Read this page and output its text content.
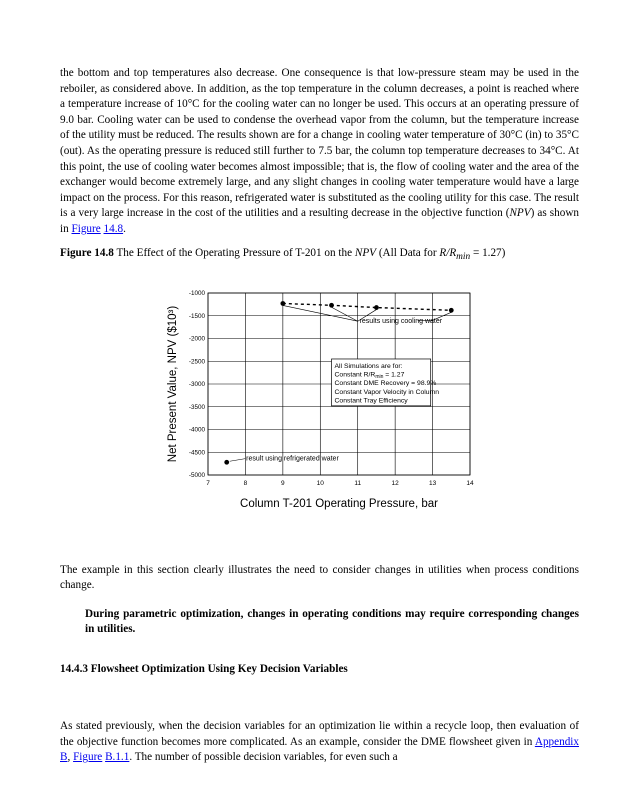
the bottom and top temperatures also decrease. One consequence is that low-pressure steam may be used in the reboiler, as considered above. In addition, as the top temperature in the column decreases, a point is reached where a temperature increase of 10°C for the cooling water can no longer be used. This occurs at an operating pressure of 9.0 bar. Cooling water can be used to condense the overhead vapor from the column, but the temperature increase of the utility must be reduced. The results shown are for a change in cooling water temperature of 30°C (in) to 35°C (out). As the operating pressure is reduced still further to 7.5 bar, the column top temperature decreases to 34°C. At this point, the use of cooling water becomes almost impossible; that is, the flow of cooling water and the area of the exchanger would become extremely large, and any slight changes in cooling water temperature would have a large impact on the process. For this reason, refrigerated water is substituted as the cooling utility for this case. The result is a very large increase in the cost of the utilities and a resulting decrease in the objective function (NPV) as shown in Figure 14.8.

Figure 14.8 The Effect of the Operating Pressure of T-201 on the NPV (All Data for $R/R_{min} = 1.27$)

7	8	9	10	11	12	13	14
-1000
-1500
-2000
-2500
-3000
-3500
-4000
-4500
-5000
results using cooling water
result using refrigerated water
All Simulations are for:
Constant $R/R_{min} = 1.27$
Constant DME Recovery = 98.9%
Constant Vapor Velocity in Column
Constant Tray Efficiency
Column T-201 Operating Pressure, bar
Net Present Value, NPV ($10³)

The example in this section clearly illustrates the need to consider changes in utilities when process conditions change.

During parametric optimization, changes in operating conditions may require corresponding changes in utilities.

14.4.3 Flowsheet Optimization Using Key Decision Variables

As stated previously, when the decision variables for an optimization lie within a recycle loop, then evaluation of the objective function becomes more complicated. As an example, consider the DME flowsheet given in Appendix B, Figure B.1.1. The number of possible decision variables, for even such a
